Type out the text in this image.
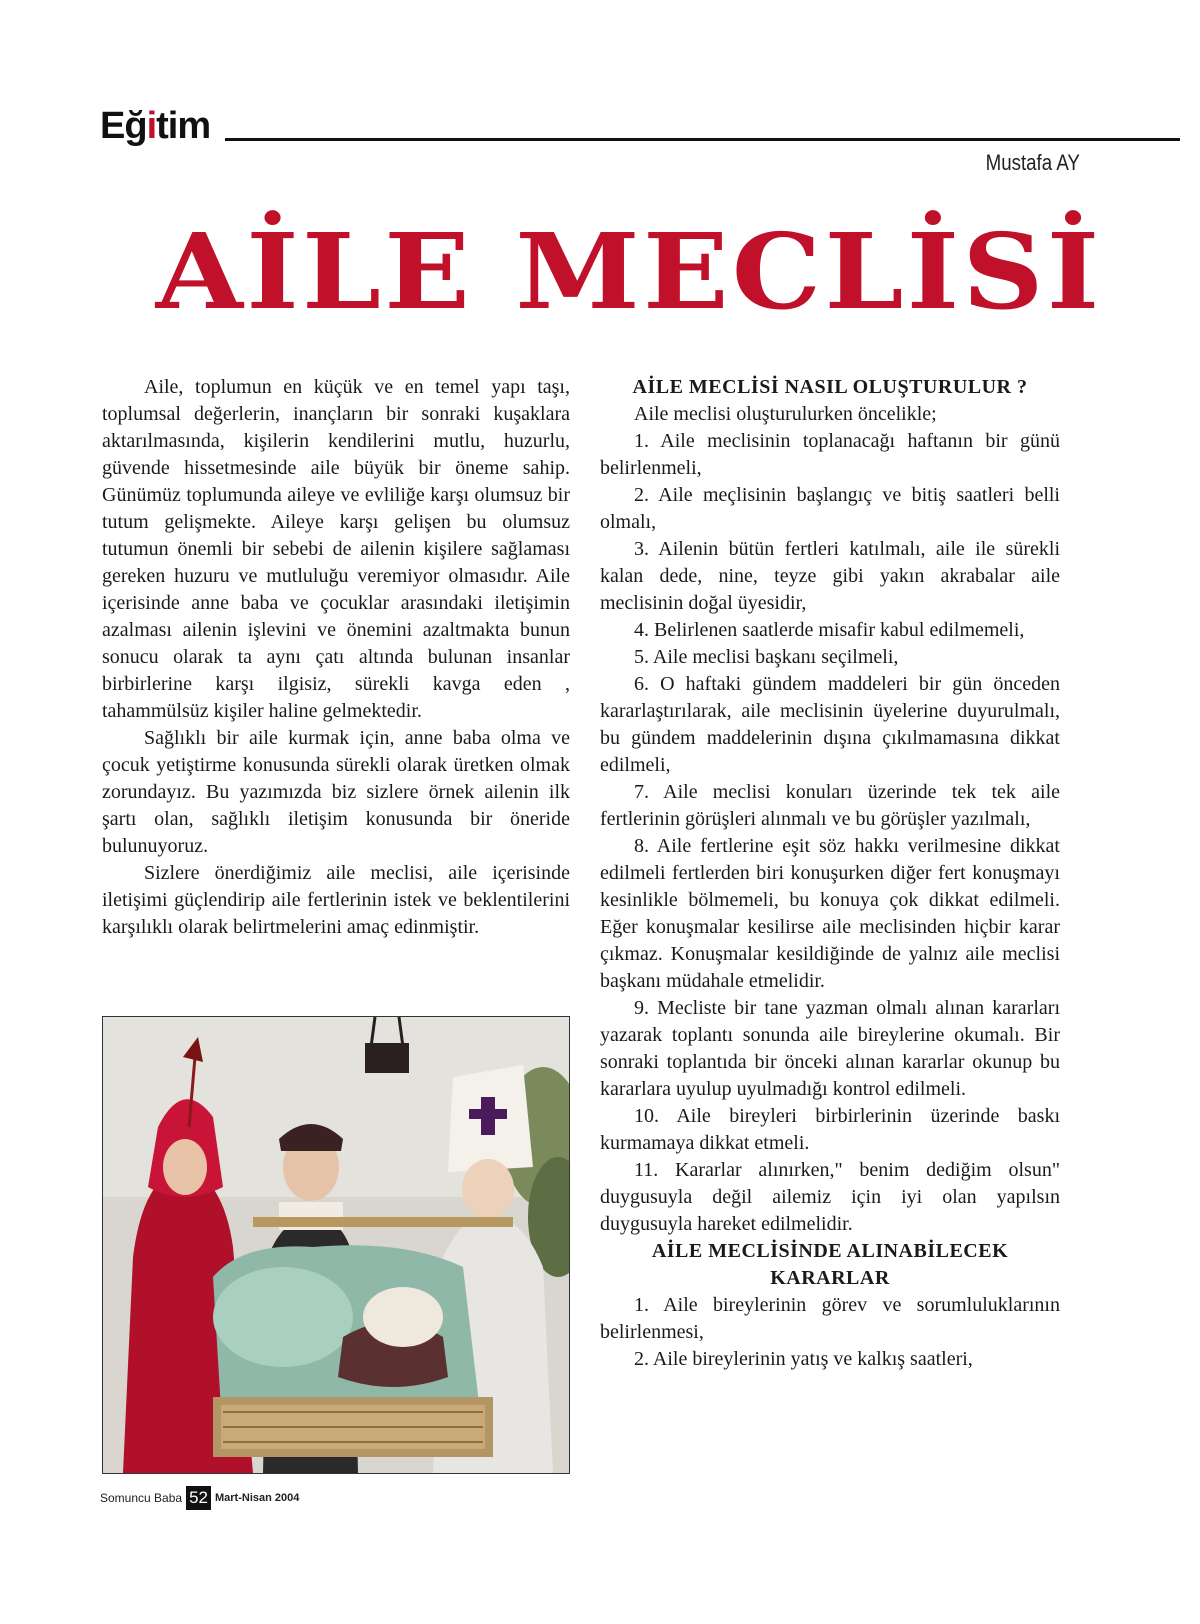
Eğitim
Mustafa AY
AİLE MECLİSİ

Aile, toplumun en küçük ve en temel yapı taşı, toplumsal değerlerin, inançların bir sonraki kuşaklara aktarılmasında, kişilerin kendilerini mutlu, huzurlu, güvende hissetmesinde aile büyük bir öneme sahip. Günümüz toplumunda aileye ve evliliğe karşı olumsuz bir tutum gelişmekte. Aileye karşı gelişen bu olumsuz tutumun önemli bir sebebi de ailenin kişilere sağlaması gereken huzuru ve mutluluğu veremiyor olmasıdır. Aile içerisinde anne baba ve çocuklar arasındaki iletişimin azalması ailenin işlevini ve önemini azaltmakta bunun sonucu olarak ta aynı çatı altında bulunan insanlar birbirlerine karşı ilgisiz, sürekli kavga eden , tahammülsüz kişiler haline gelmektedir.

Sağlıklı bir aile kurmak için, anne baba olma ve çocuk yetiştirme konusunda sürekli olarak üretken olmak zorundayız. Bu yazımızda biz sizlere örnek ailenin ilk şartı olan, sağlıklı iletişim konusunda bir öneride bulunuyoruz.

Sizlere önerdiğimiz aile meclisi, aile içerisinde iletişimi güçlendirip aile fertlerinin istek ve beklentilerini karşılıklı olarak belirtmelerini amaç edinmiştir.

AİLE MECLİSİ NASIL OLUŞTURULUR ?
Aile meclisi oluşturulurken öncelikle;
1. Aile meclisinin toplanacağı haftanın bir günü belirlenmeli,
2. Aile meçlisinin başlangıç ve bitiş saatleri belli olmalı,
3. Ailenin bütün fertleri katılmalı, aile ile sürekli kalan dede, nine, teyze gibi yakın akrabalar aile meclisinin doğal üyesidir,
4. Belirlenen saatlerde misafir kabul edilmemeli,
5. Aile meclisi başkanı seçilmeli,
6. O haftaki gündem maddeleri bir gün önceden kararlaştırılarak, aile meclisinin üyelerine duyurulmalı, bu gündem maddelerinin dışına çıkılmamasına dikkat edilmeli,
7. Aile meclisi konuları üzerinde tek tek aile fertlerinin görüşleri alınmalı ve bu görüşler yazılmalı,
8. Aile fertlerine eşit söz hakkı verilmesine dikkat edilmeli fertlerden biri konuşurken diğer fert konuşmayı kesinlikle bölmemeli, bu konuya çok dikkat edilmeli. Eğer konuşmalar kesilirse aile meclisinden hiçbir karar çıkmaz. Konuşmalar kesildiğinde de yalnız aile meclisi başkanı müdahale etmelidir.
9. Mecliste bir tane yazman olmalı alınan kararları yazarak toplantı sonunda aile bireylerine okumalı. Bir sonraki toplantıda bir önceki alınan kararlar okunup bu kararlara uyulup uyulmadığı kontrol edilmeli.
10. Aile bireyleri birbirlerinin üzerinde baskı kurmamaya dikkat etmeli.
11. Kararlar alınırken," benim dediğim olsun" duygusuyla değil ailemiz için iyi olan yapılsın duygusuyla hareket edilmelidir.
AİLE MECLİSİNDE ALINABİLECEK
KARARLAR
1. Aile bireylerinin görev ve sorumluluklarının belirlenmesi,
2. Aile bireylerinin yatış ve kalkış saatleri,
Somuncu Baba 52 Mart-Nisan 2004
